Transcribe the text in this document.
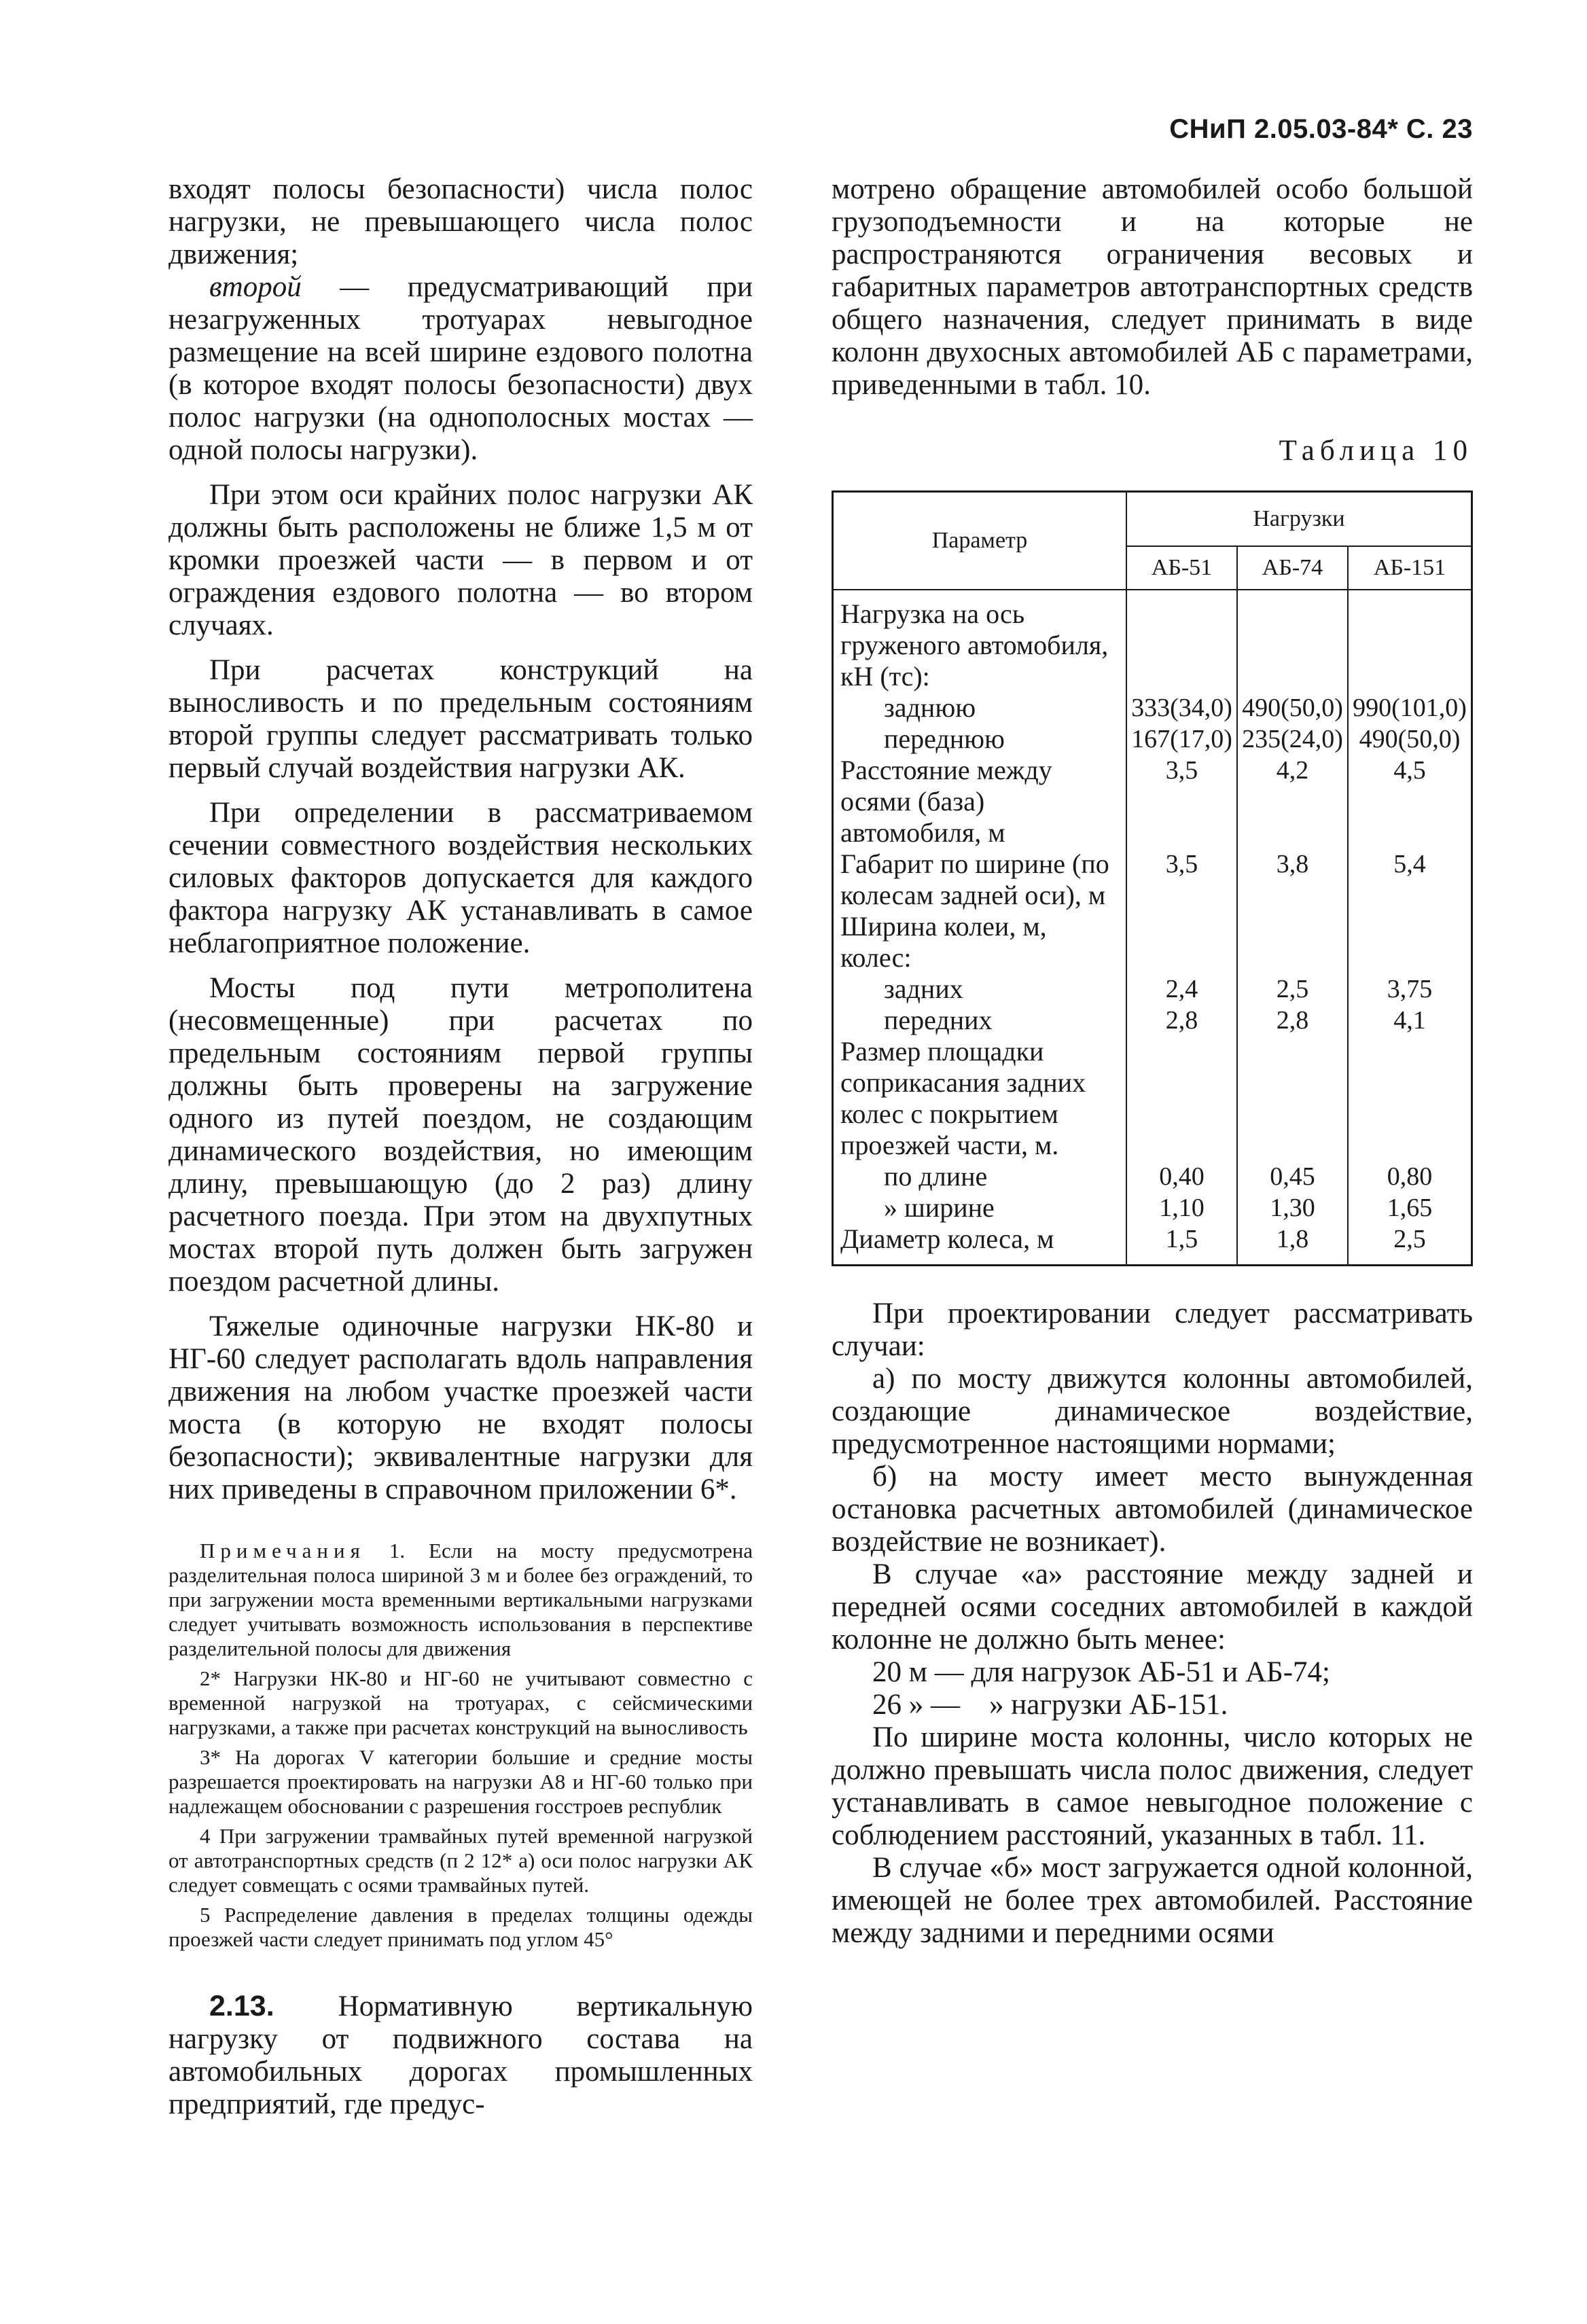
СНиП 2.05.03-84* С. 23

входят полосы безопасности) числа полос нагрузки, не превышающего числа полос движения;

второй — предусматривающий при незагруженных тротуарах невыгодное размещение на всей ширине ездового полотна (в которое входят полосы безопасности) двух полос нагрузки (на однополосных мостах — одной полосы нагрузки).

При этом оси крайних полос нагрузки АК должны быть расположены не ближе 1,5 м от кромки проезжей части — в первом и от ограждения ездового полотна — во втором случаях.

При расчетах конструкций на выносливость и по предельным состояниям второй группы следует рассматривать только первый случай воздействия нагрузки АК.

При определении в рассматриваемом сечении совместного воздействия нескольких силовых факторов допускается для каждого фактора нагрузку АК устанавливать в самое неблагоприятное положение.

Мосты под пути метрополитена (несовмещенные) при расчетах по предельным состояниям первой группы должны быть проверены на загружение одного из путей поездом, не создающим динамического воздействия, но имеющим длину, превышающую (до 2 раз) длину расчетного поезда. При этом на двухпутных мостах второй путь должен быть загружен поездом расчетной длины.

Тяжелые одиночные нагрузки НК-80 и НГ-60 следует располагать вдоль направления движения на любом участке проезжей части моста (в которую не входят полосы безопасности); эквивалентные нагрузки для них приведены в справочном приложении 6*.

Примечания 1. Если на мосту предусмотрена разделительная полоса шириной 3 м и более без ограждений, то при загружении моста временными вертикальными нагрузками следует учитывать возможность использования в перспективе разделительной полосы для движения

2* Нагрузки НК-80 и НГ-60 не учитывают совместно с временной нагрузкой на тротуарах, с сейсмическими нагрузками, а также при расчетах конструкций на выносливость

3* На дорогах V категории большие и средние мосты разрешается проектировать на нагрузки А8 и НГ-60 только при надлежащем обосновании с разрешения госстроев республик

4 При загружении трамвайных путей временной нагрузкой от автотранспортных средств (п 2 12* а) оси полос нагрузки АК следует совмещать с осями трамвайных путей.

5 Распределение давления в пределах толщины одежды проезжей части следует принимать под углом 45°

2.13. Нормативную вертикальную нагрузку от подвижного состава на автомобильных дорогах промышленных предприятий, где предус-

мотрено обращение автомобилей особо большой грузоподъемности и на которые не распространяются ограничения весовых и габаритных параметров автотранспортных средств общего назначения, следует принимать в виде колонн двухосных автомобилей АБ с параметрами, приведенными в табл. 10.

Таблица 10
Параметр	Нагрузки		
	АБ-51	АБ-74	АБ-151
Нагрузка на ось груженого автомобиля, кН (тс):			
заднюю	333(34,0)	490(50,0)	990(101,0)
переднюю	167(17,0)	235(24,0)	490(50,0)
Расстояние между осями (база) автомобиля, м	3,5	4,2	4,5
Габарит по ширине (по колесам задней оси), м	3,5	3,8	5,4
Ширина колеи, м, колес:			
задних	2,4	2,5	3,75
передних	2,8	2,8	4,1
Размер площадки соприкасания задних колес с покрытием проезжей части, м.			
по длине	0,40	0,45	0,80
» ширине	1,10	1,30	1,65
Диаметр колеса, м	1,5	1,8	2,5

При проектировании следует рассматривать случаи:

а) по мосту движутся колонны автомобилей, создающие динамическое воздействие, предусмотренное настоящими нормами;

б) на мосту имеет место вынужденная остановка расчетных автомобилей (динамическое воздействие не возникает).

В случае «а» расстояние между задней и передней осями соседних автомобилей в каждой колонне не должно быть менее:

20 м — для нагрузок АБ-51 и АБ-74;

26 » —    » нагрузки АБ-151.

По ширине моста колонны, число которых не должно превышать числа полос движения, следует устанавливать в самое невыгодное положение с соблюдением расстояний, указанных в табл. 11.

В случае «б» мост загружается одной колонной, имеющей не более трех автомобилей. Расстояние между задними и передними осями
